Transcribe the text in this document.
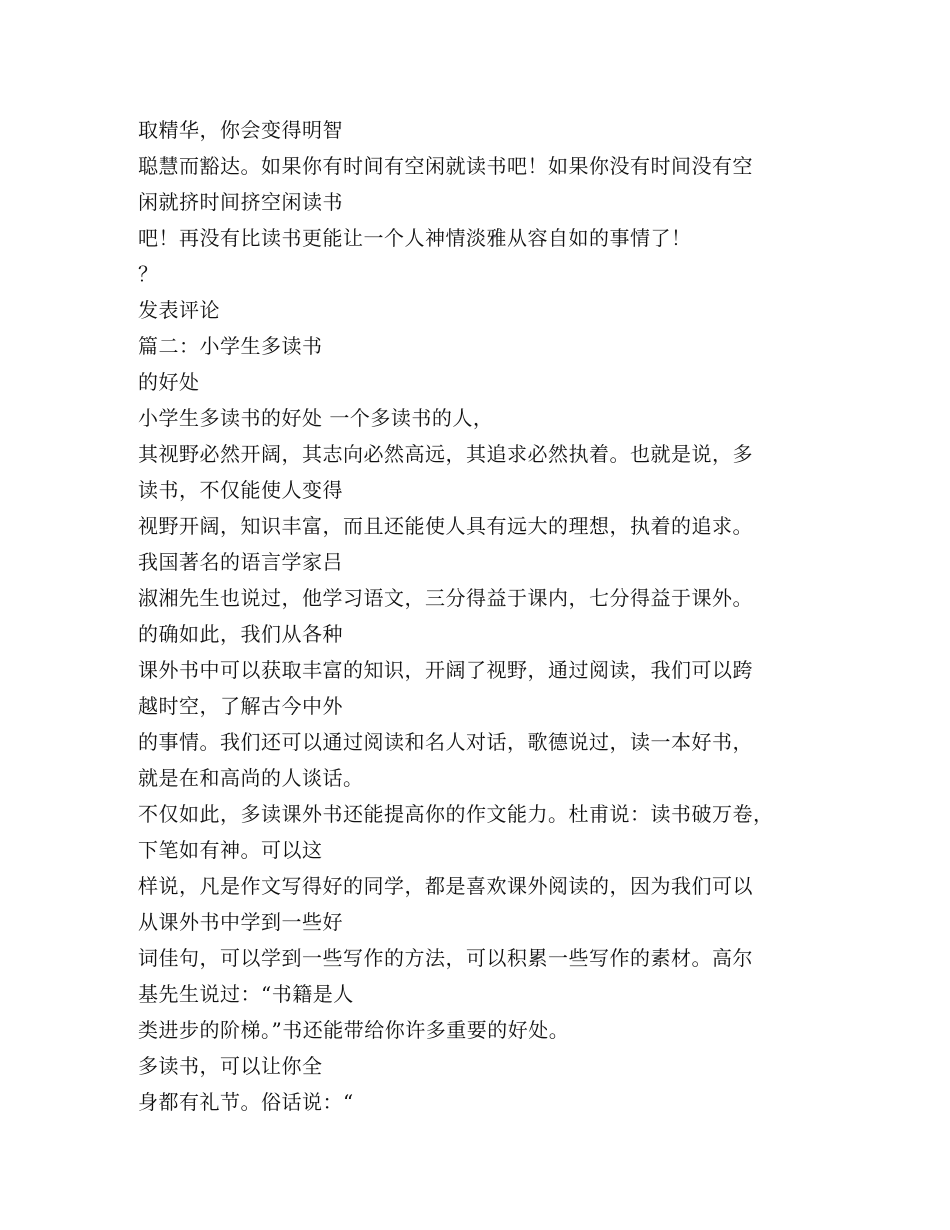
取精华，你会变得明智
聪慧而豁达。如果你有时间有空闲就读书吧！如果你没有时间没有空
闲就挤时间挤空闲读书
吧！再没有比读书更能让一个人神情淡雅从容自如的事情了！
？
发表评论
篇二：小学生多读书
的好处
小学生多读书的好处 一个多读书的人，
其视野必然开阔，其志向必然高远，其追求必然执着。也就是说，多
读书，不仅能使人变得
视野开阔，知识丰富，而且还能使人具有远大的理想，执着的追求。
我国著名的语言学家吕
淑湘先生也说过，他学习语文，三分得益于课内，七分得益于课外。
的确如此，我们从各种
课外书中可以获取丰富的知识，开阔了视野，通过阅读，我们可以跨
越时空，了解古今中外
的事情。我们还可以通过阅读和名人对话，歌德说过，读一本好书，
就是在和高尚的人谈话。
不仅如此，多读课外书还能提高你的作文能力。杜甫说：读书破万卷，
下笔如有神。可以这
样说，凡是作文写得好的同学，都是喜欢课外阅读的，因为我们可以
从课外书中学到一些好
词佳句，可以学到一些写作的方法，可以积累一些写作的素材。高尔
基先生说过：“书籍是人
类进步的阶梯。”书还能带给你许多重要的好处。
多读书，可以让你全
身都有礼节。俗话说：“
